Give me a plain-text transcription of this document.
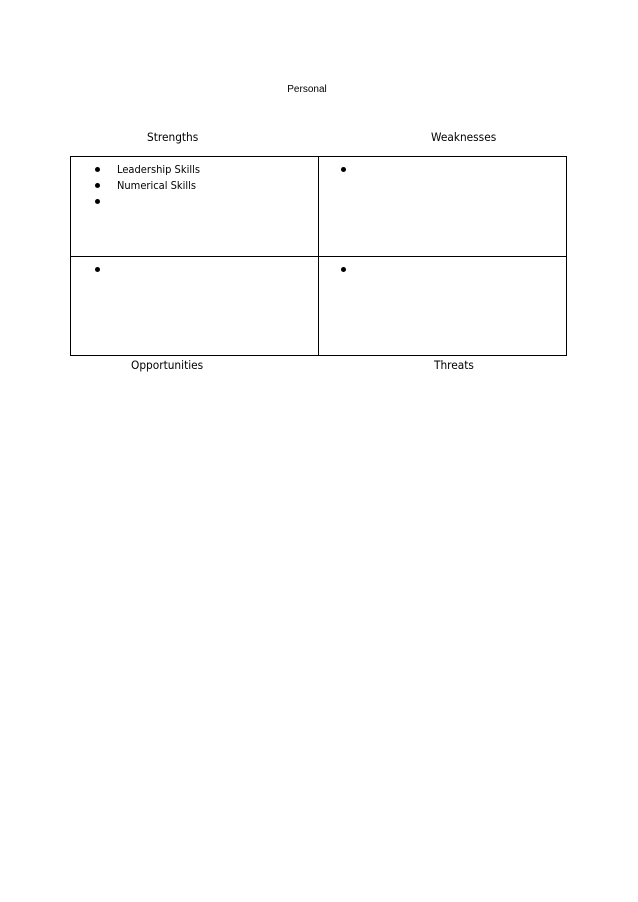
Personal
Strengths	Weaknesses
Leadership Skills
Numerical Skills
Opportunities	Threats
